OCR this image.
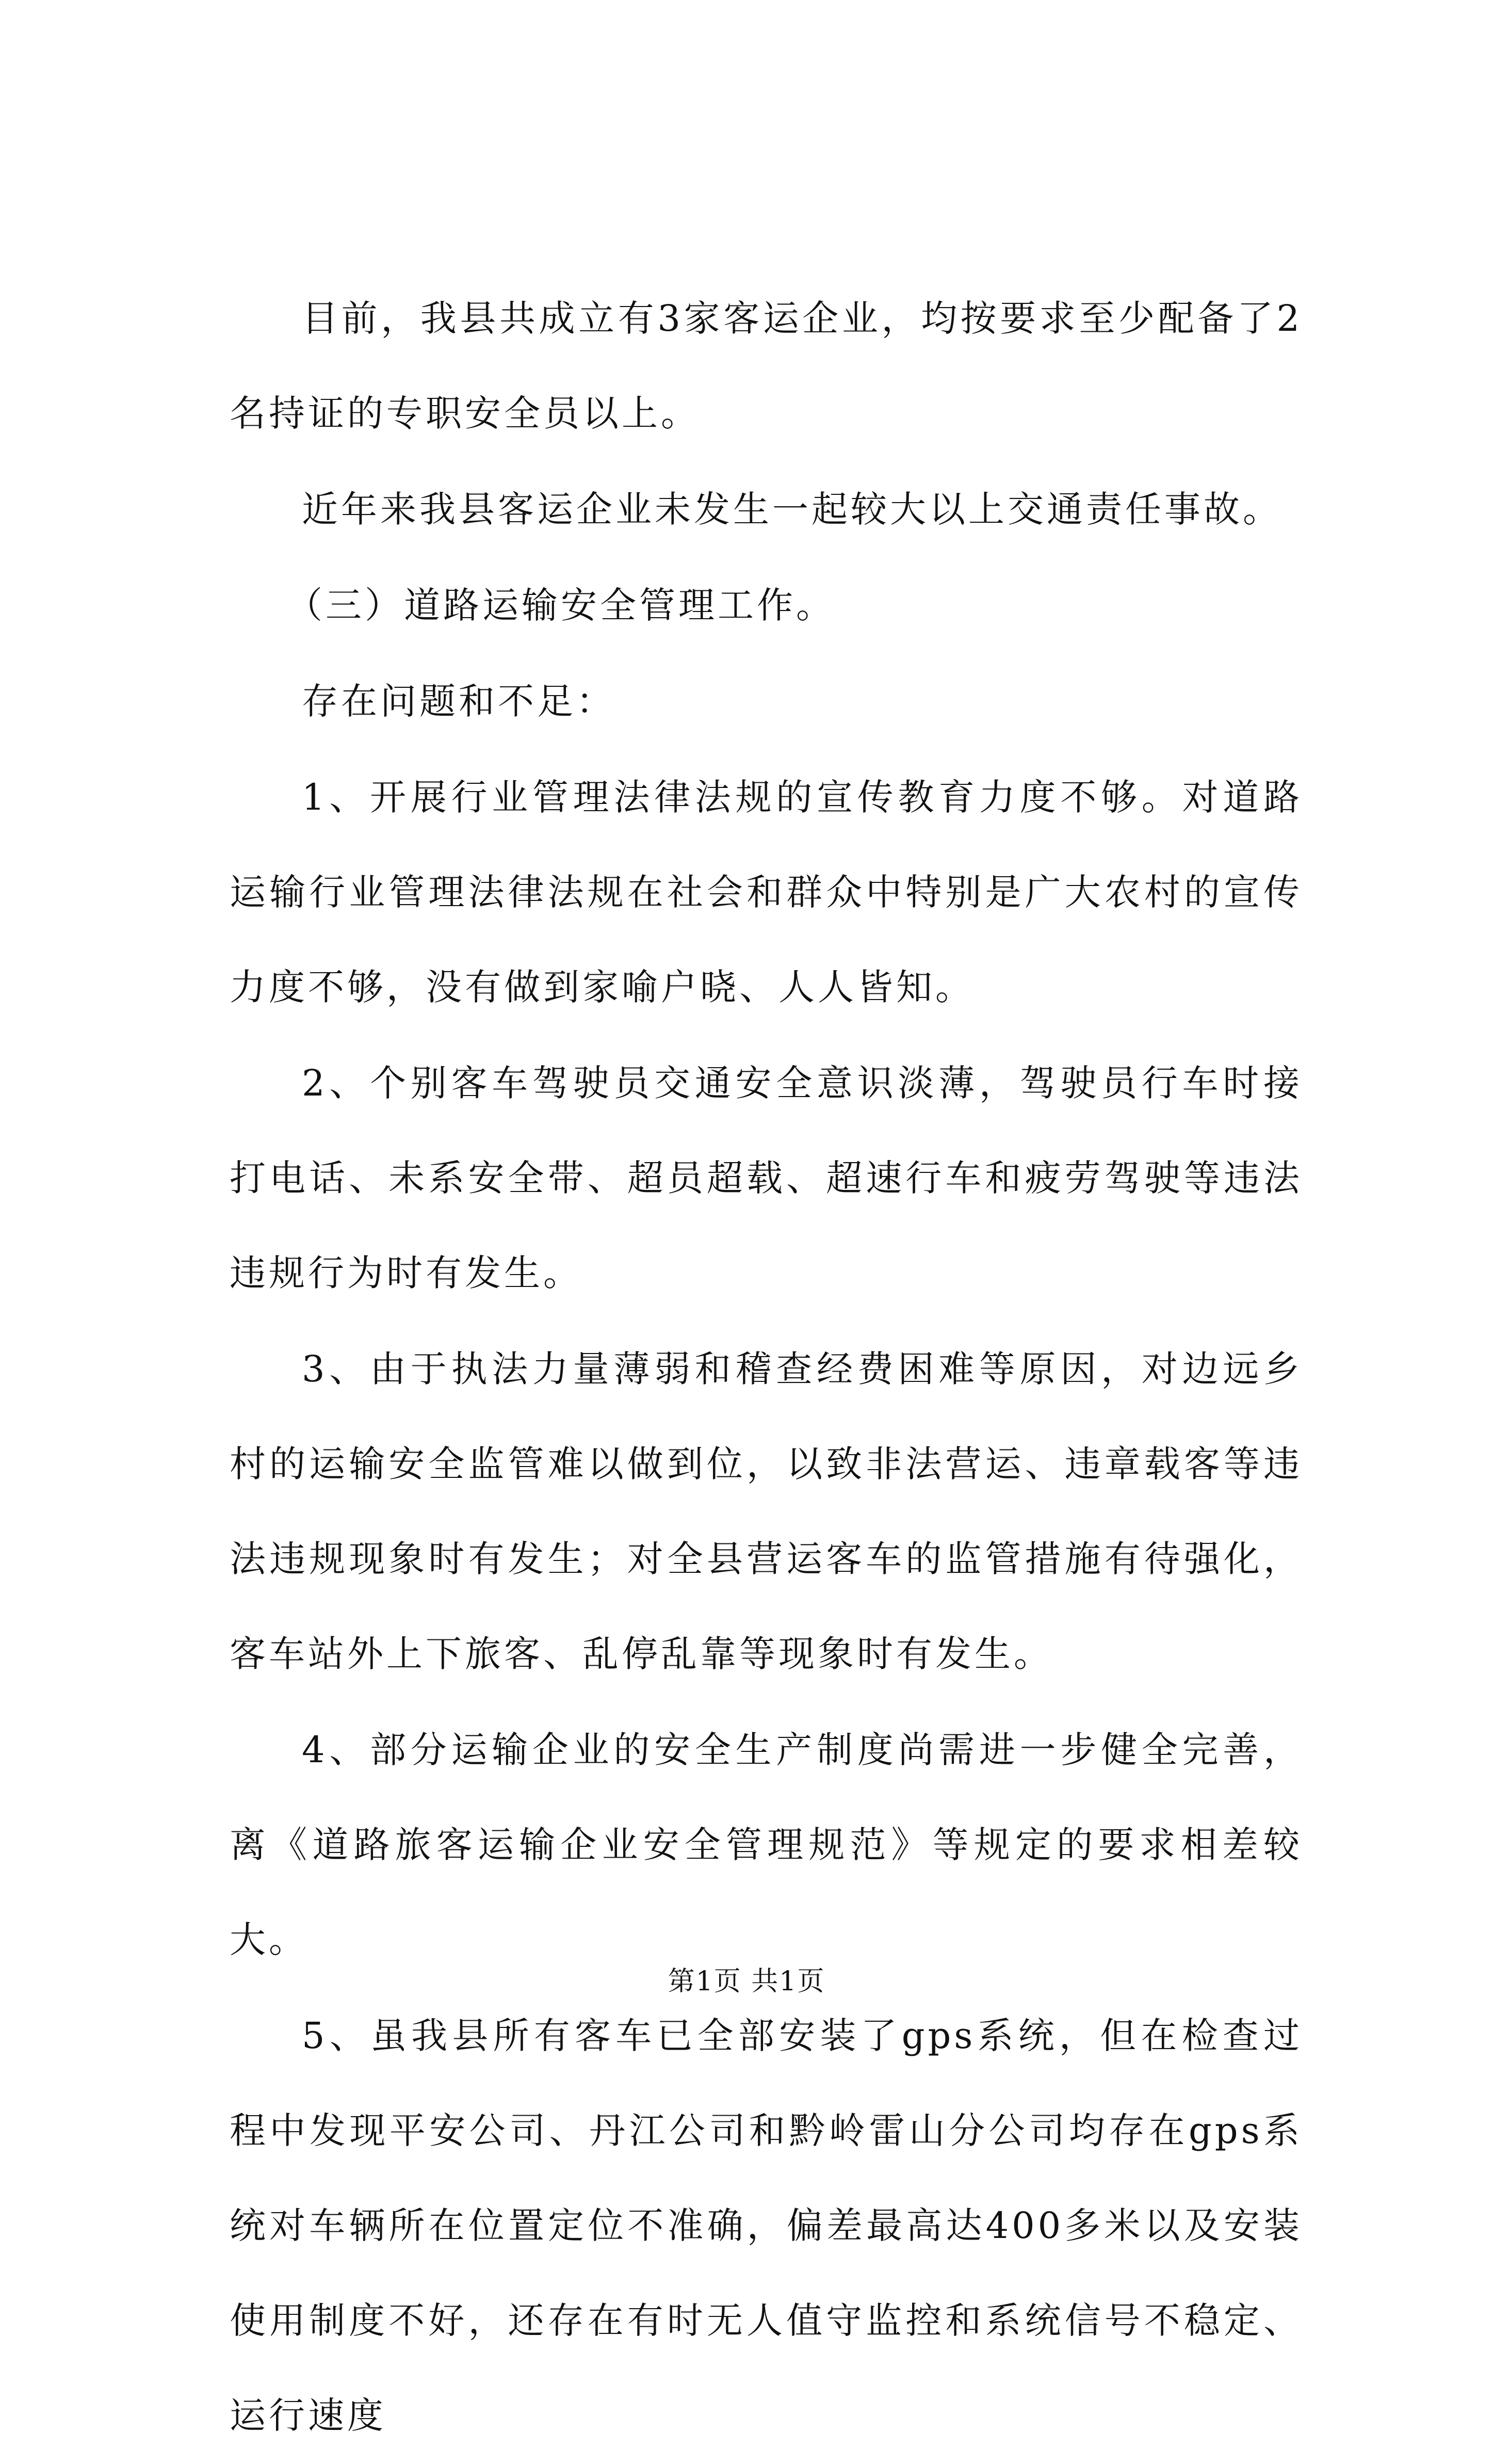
目前，我县共成立有3家客运企业，均按要求至少配备了2名持证的专职安全员以上。

近年来我县客运企业未发生一起较大以上交通责任事故。

（三）道路运输安全管理工作。

存在问题和不足：

1、开展行业管理法律法规的宣传教育力度不够。对道路运输行业管理法律法规在社会和群众中特别是广大农村的宣传力度不够，没有做到家喻户晓、人人皆知。

2、个别客车驾驶员交通安全意识淡薄，驾驶员行车时接打电话、未系安全带、超员超载、超速行车和疲劳驾驶等违法违规行为时有发生。

3、由于执法力量薄弱和稽查经费困难等原因，对边远乡村的运输安全监管难以做到位，以致非法营运、违章载客等违法违规现象时有发生；对全县营运客车的监管措施有待强化，客车站外上下旅客、乱停乱靠等现象时有发生。

4、部分运输企业的安全生产制度尚需进一步健全完善，离《道路旅客运输企业安全管理规范》等规定的要求相差较大。

5、虽我县所有客车已全部安装了gps系统，但在检查过程中发现平安公司、丹江公司和黔岭雷山分公司均存在gps系统对车辆所在位置定位不准确，偏差最高达400多米以及安装使用制度不好，还存在有时无人值守监控和系统信号不稳定、运行速度

第1页 共1页
